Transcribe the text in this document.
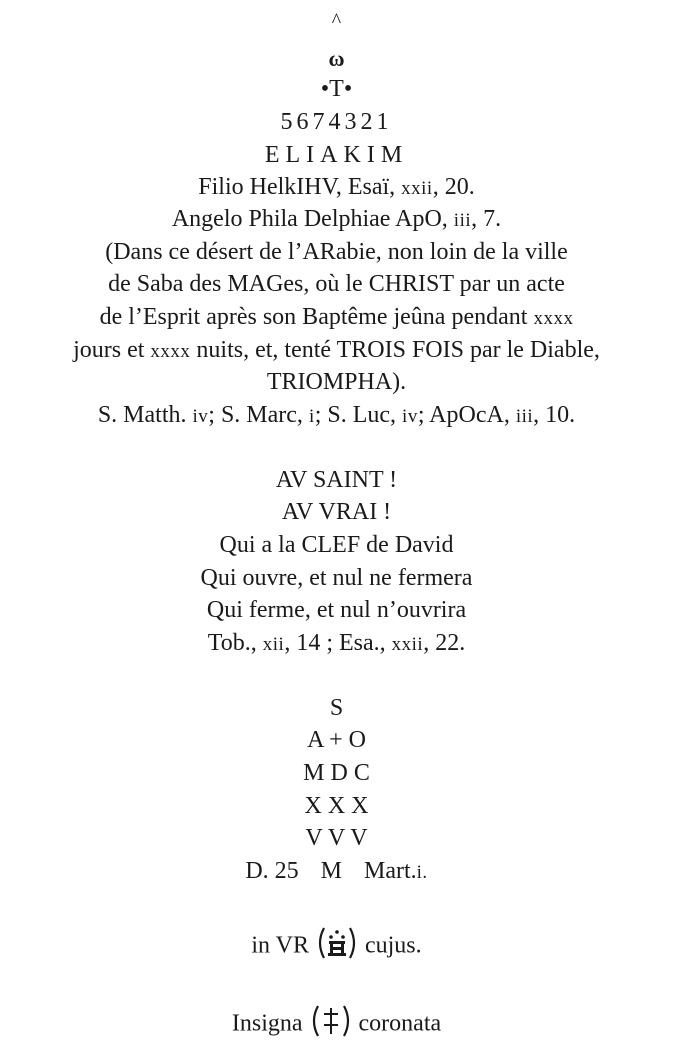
^
ω
•T•
5674321
ELIAKIM
Filio HelkIHV, Esaï, xxii, 20.
Angelo Phila Delphiae ApO, iii, 7.
(Dans ce désert de l’ARabie, non loin de la ville
de Saba des MAGes, où le CHRIST par un acte
de l’Esprit après son Baptême jeûna pendant xxxx
jours et xxxx nuits, et, tenté TROIS FOIS par le Diable,
TRIOMPHA).
S. Matth. iv; S. Marc, i; S. Luc, iv; ApOcA, iii, 10.
AV SAINT !
AV VRAI !
Qui a la CLEF de David
Qui ouvre, et nul ne fermera
Qui ferme, et nul n’ouvrira
Tob., xii, 14 ; Esa., xxii, 22.
S
A + O
M D C
X X X
V V V
D. 25 M Mart.i.
in VR cujus.
Insigna coronata
